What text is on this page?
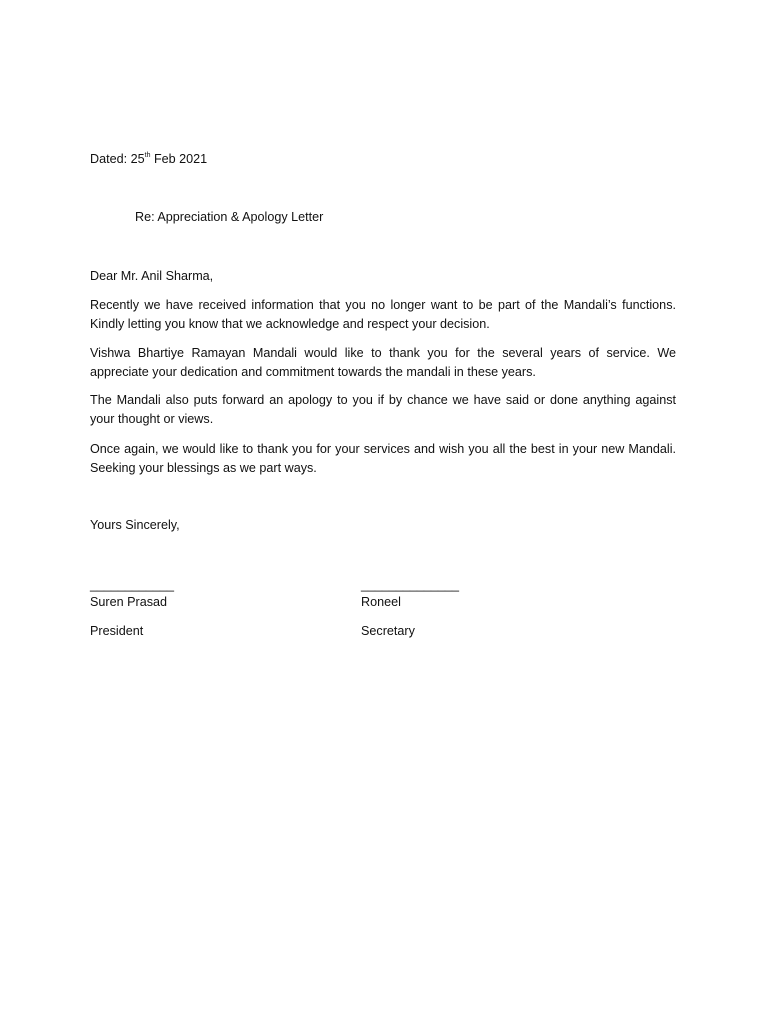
Dated: 25th Feb 2021
Re: Appreciation & Apology Letter
Dear Mr. Anil Sharma,
Recently we have received information that you no longer want to be part of the Mandali’s functions. Kindly letting you know that we acknowledge and respect your decision.
Vishwa Bhartiye Ramayan Mandali would like to thank you for the several years of service. We appreciate your dedication and commitment towards the mandali in these years.
The Mandali also puts forward an apology to you if by chance we have said or done anything against your thought or views.
Once again, we would like to thank you for your services and wish you all the best in your new Mandali. Seeking your blessings as we part ways.
Yours Sincerely,
____________	______________
Suren Prasad	Roneel
President	Secretary
